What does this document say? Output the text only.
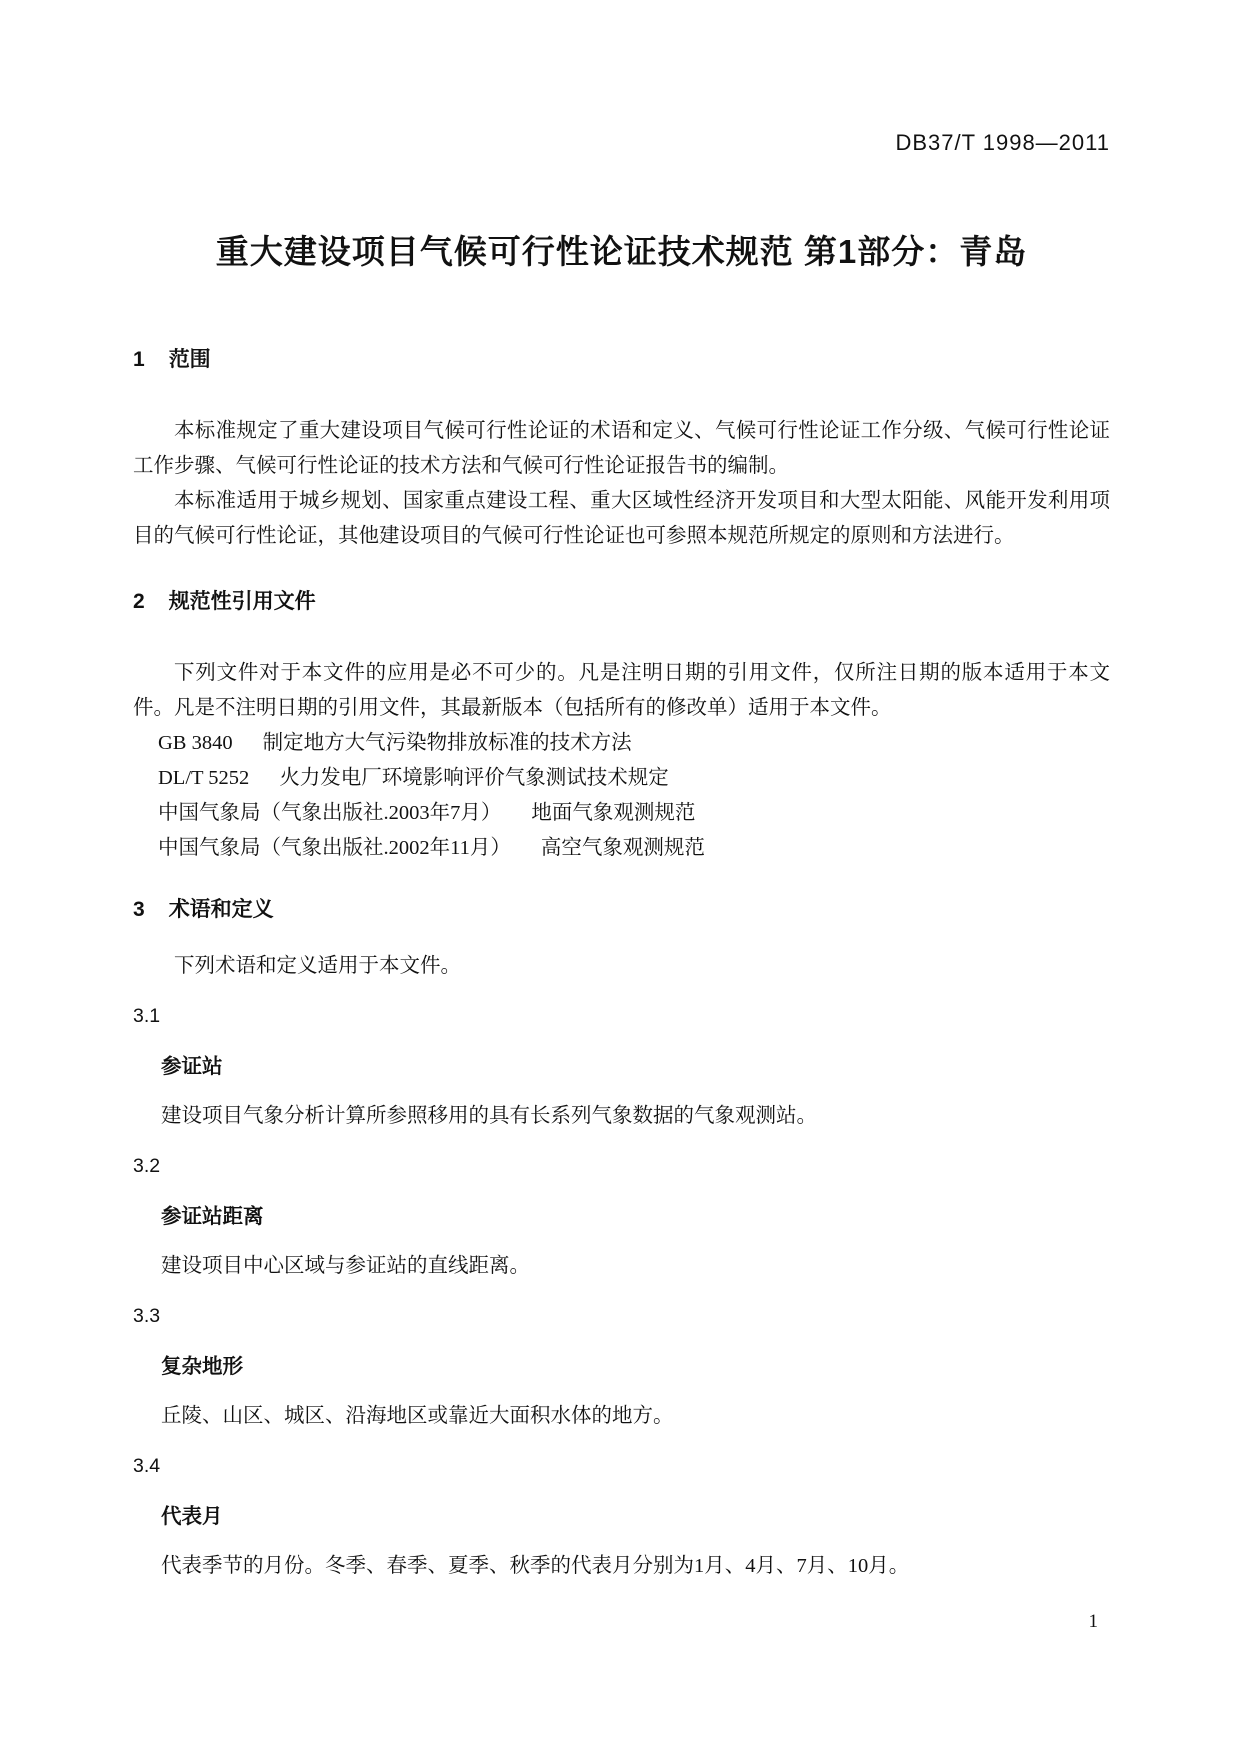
DB37/T 1998—2011
重大建设项目气候可行性论证技术规范 第1部分：青岛
1 范围

本标准规定了重大建设项目气候可行性论证的术语和定义、气候可行性论证工作分级、气候可行性论证工作步骤、气候可行性论证的技术方法和气候可行性论证报告书的编制。

本标准适用于城乡规划、国家重点建设工程、重大区域性经济开发项目和大型太阳能、风能开发利用项目的气候可行性论证，其他建设项目的气候可行性论证也可参照本规范所规定的原则和方法进行。

2 规范性引用文件

下列文件对于本文件的应用是必不可少的。凡是注明日期的引用文件，仅所注日期的版本适用于本文件。凡是不注明日期的引用文件，其最新版本（包括所有的修改单）适用于本文件。

GB 3840 制定地方大气污染物排放标准的技术方法
DL/T 5252 火力发电厂环境影响评价气象测试技术规定
中国气象局（气象出版社.2003年7月） 地面气象观测规范
中国气象局（气象出版社.2002年11月） 高空气象观测规范
3 术语和定义

下列术语和定义适用于本文件。

3.1
参证站
建设项目气象分析计算所参照移用的具有长系列气象数据的气象观测站。
3.2
参证站距离
建设项目中心区域与参证站的直线距离。
3.3
复杂地形
丘陵、山区、城区、沿海地区或靠近大面积水体的地方。
3.4
代表月
代表季节的月份。冬季、春季、夏季、秋季的代表月分别为1月、4月、7月、10月。
1
